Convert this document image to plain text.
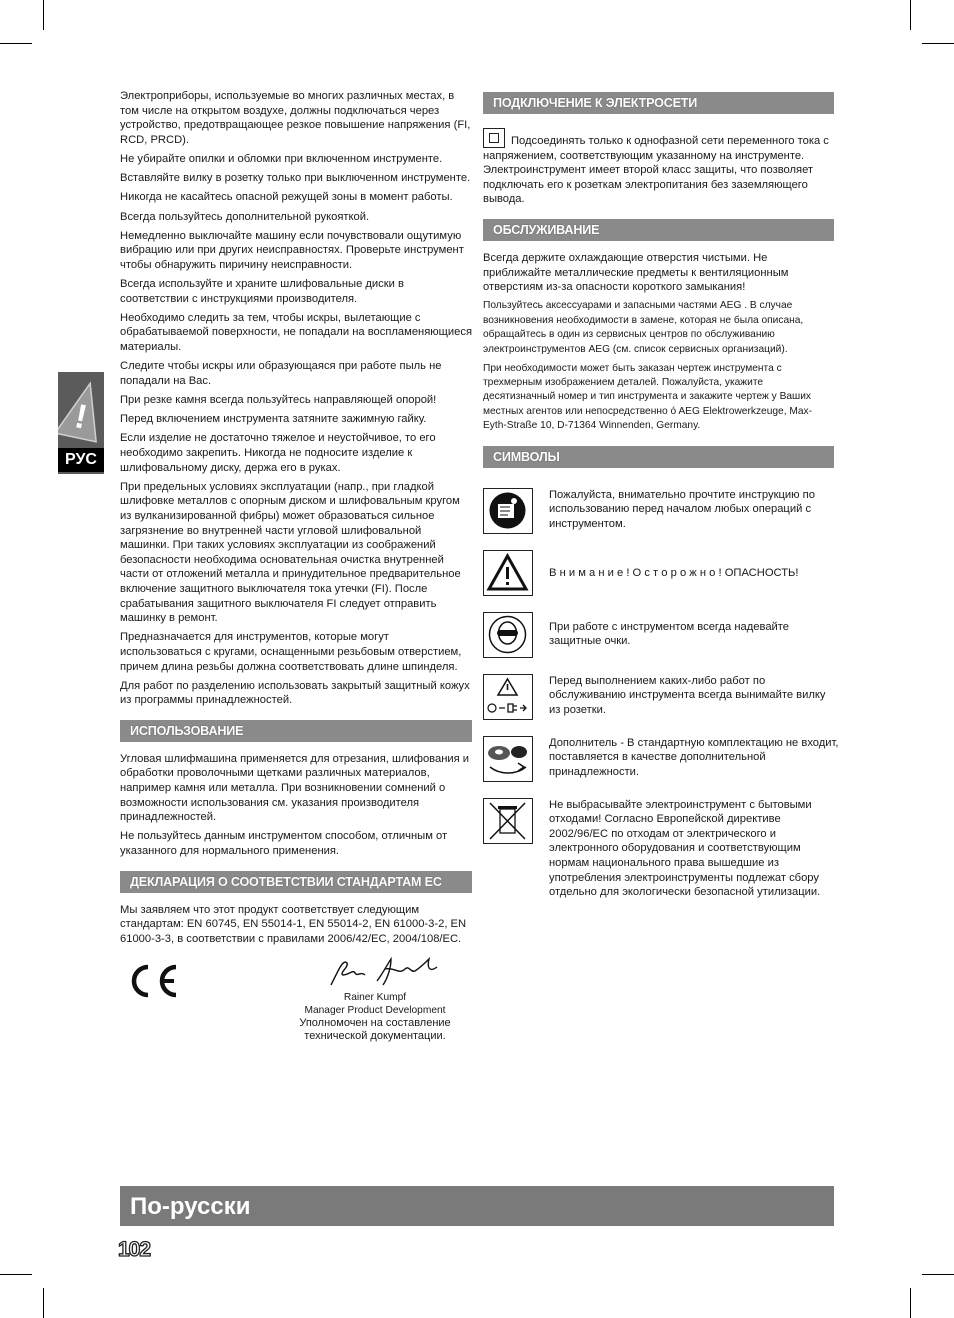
!
РУС

Электроприборы, используемые во многих различных местах, в том числе на открытом воздухе, должны подключаться через устройство, предотвращающее резкое повышение напряжения (FI, RCD, PRCD).

Не убирайте опилки и обломки при включенном инструменте.

Вставляйте вилку в розетку только при выключенном инструменте.

Никогда не касайтесь опасной режущей зоны в момент работы.

Всегда пользуйтесь дополнительной рукояткой.

Немедленно выключайте машину если почувствовали ощутимую вибрацию или при других неисправностях. Проверьте инструмент чтобы обнаружить пиричину неисправности.

Всегда используйте и храните шлифовальные диски в соответствии с инструкциями производителя.

Необходимо следить за тем, чтобы искры, вылетающие с обрабатываемой поверхности, не попадали на воспламеняющиеся материалы.

Следите чтобы искры или образующаяся при работе пыль не попадали на Вас.

При резке камня всегда пользуйтесь направляющей опорой!

Перед включением инструмента затяните зажимную гайку.

Если изделие не достаточно тяжелое и неустойчивое, то его необходимо закрепить. Никогда не подносите изделие к шлифовальному диску, держа его в руках.

При предельных условиях эксплуатации (напр., при гладкой шлифовке металлов с опорным диском и шлифовальным кругом из вулканизированной фибры) может образоваться сильное загрязнение во внутренней части угловой шлифовальной машинки. При таких условиях эксплуатации из соображений безопасности необходима основательная очистка внутренней части от отложений металла и принудительное предварительное включение защитного выключателя тока утечки (FI). После срабатывания защитного выключателя FI следует отправить машинку в ремонт.

Предназначается для инструментов, которые могут использоваться с кругами, оснащенными резьбовым отверстием, причем длина резьбы должна соответствовать длине шпинделя.

Для работ по разделению использовать закрытый защитный кожух из программы принадлежностей.

ИСПОЛЬЗОВАНИЕ

Угловая шлифмашина применяется для отрезания, шлифования и обработки проволочными щетками различных материалов, например камня или металла. При возникновении сомнений о возможности использования см. указания производителя принадлежностей.

Не пользуйтесь данным инструментом способом, отличным от указанного для нормального применения.

ДЕКЛАРАЦИЯ О СООТВЕТСТВИИ СТАНДАРТАМ ЕС

Мы заявляем что этот продукт соответствует следующим стандартам: EN 60745, EN 55014-1, EN 55014-2, EN 61000-3-2, EN 61000-3-3, в соответствии с правилами 2006/42/EC, 2004/108/EC.

Rainer Kumpf
Manager Product Development
Уполномочен на составление технической документации.
ПОДКЛЮЧЕНИЕ К ЭЛЕКТРОСЕТИ

Подсоединять только к однофазной сети переменного тока с напряжением, соответствующим указанному на инструменте. Электроинструмент имеет второй класс защиты, что позволяет подключать его к розеткам электропитания без заземляющего вывода.

ОБСЛУЖИВАНИЕ

Всегда держите охлаждающие отверстия чистыми. Не приближайте металлические предметы к вентиляционным отверстиям из-за опасности короткого замыкания!

Пользуйтесь аксессуарами и запасными частями AEG . В случае возникновения необходимости в замене, которая не была описана, обращайтесь в один из сервисных центров по обслуживанию электроинструментов AEG (см. список сервисных организаций).

При необходимости может быть заказан чертеж инструмента с трехмерным изображением деталей. Пожалуйста, укажите десятизначный номер и тип инструмента и закажите чертеж у Ваших местных агентов или непосредственно ó AEG Elektrowerkzeuge, Max-Eyth-Straße 10, D-71364 Winnenden, Germany.

СИМВОЛЫ
Пожалуйста, внимательно прочтите инструкцию по использованию перед началом любых операций с инструментом.
В н и м а н и е ! О с т о р о ж н о ! ОПАСНОСТЬ!
При работе с инструментом всегда надевайте защитные очки.
Перед выполнением каких-либо работ по обслуживанию инструмента всегда вынимайте вилку из розетки.
Дополнитель - В стандартную комплектацию не входит, поставляется в качестве дополнительной принадлежности.
Не выбрасывайте электроинструмент с бытовыми отходами! Согласно Европейской директиве 2002/96/EC по отходам от электрического и электронного оборудования и соответствующим нормам национального права вышедшие из употребления электроинструменты подлежат сбору отдельно для экологически безопасной утилизации.
По-русски
102
